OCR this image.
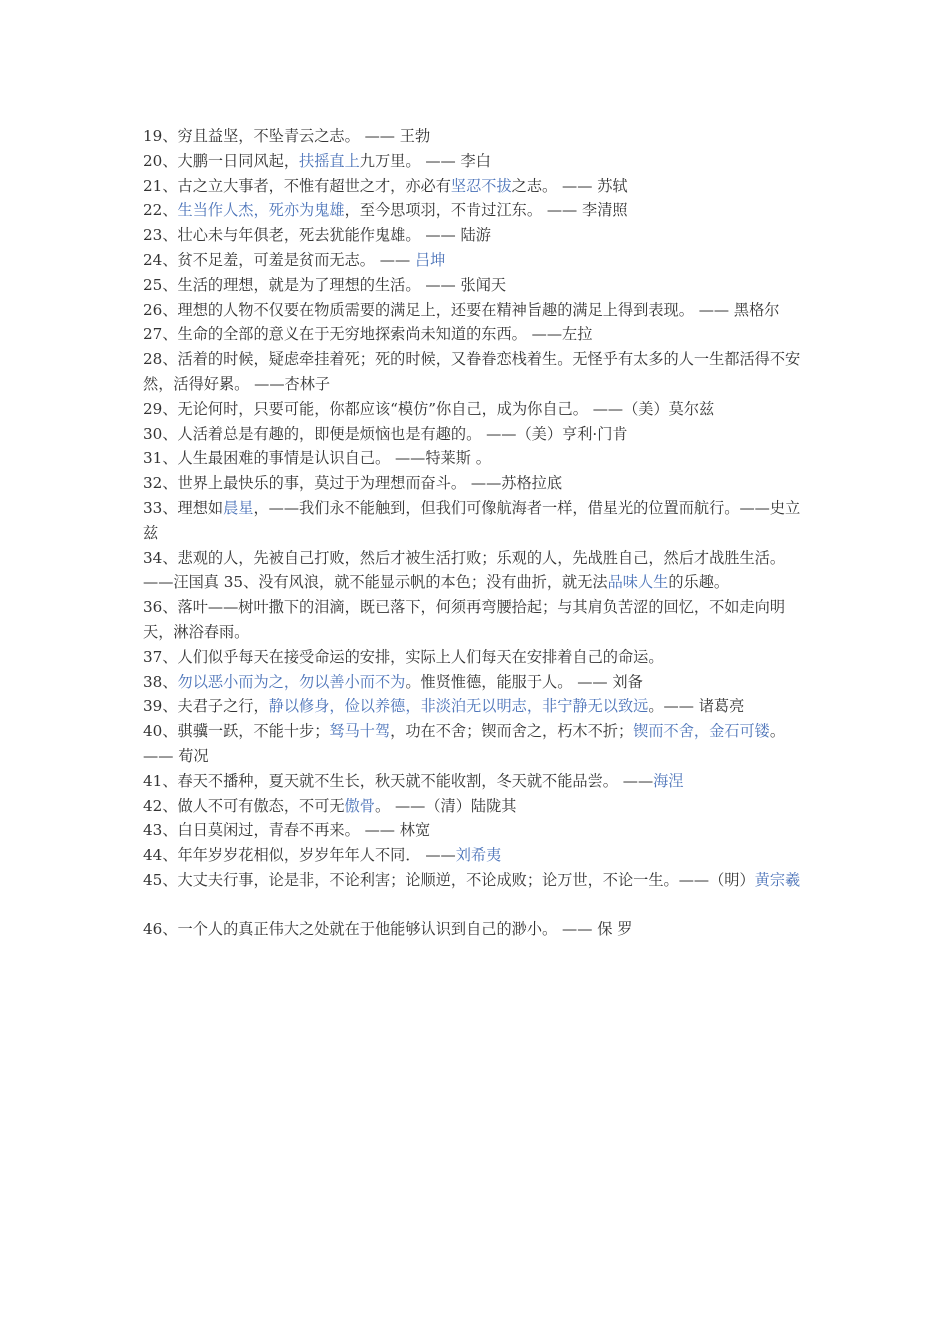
19、穷且益坚，不坠青云之志。 —— 王勃
20、大鹏一日同风起，扶摇直上九万里。 —— 李白
21、古之立大事者，不惟有超世之才，亦必有坚忍不拔之志。 —— 苏轼
22、生当作人杰，死亦为鬼雄，至今思项羽，不肯过江东。 —— 李清照
23、壮心未与年俱老，死去犹能作鬼雄。 —— 陆游
24、贫不足羞，可羞是贫而无志。 —— 吕坤
25、生活的理想，就是为了理想的生活。 —— 张闻天
26、理想的人物不仅要在物质需要的满足上，还要在精神旨趣的满足上得到表现。 —— 黑格尔
27、生命的全部的意义在于无穷地探索尚未知道的东西。 ——左拉
28、活着的时候，疑虑牵挂着死；死的时候，又眷眷恋栈着生。无怪乎有太多的人一生都活得不安然，活得好累。 ——杏林子
29、无论何时，只要可能，你都应该“模仿”你自己，成为你自己。 ——（美）莫尔兹
30、人活着总是有趣的，即便是烦恼也是有趣的。 ——（美）亨利·门肯
31、人生最困难的事情是认识自己。 ——特莱斯 。
32、世界上最快乐的事，莫过于为理想而奋斗。 ——苏格拉底
33、理想如晨星，——我们永不能触到，但我们可像航海者一样，借星光的位置而航行。——史立兹
34、悲观的人，先被自己打败，然后才被生活打败；乐观的人，先战胜自己，然后才战胜生活。——汪国真 35、没有风浪，就不能显示帆的本色；没有曲折，就无法品味人生的乐趣。
36、落叶——树叶撒下的泪滴，既已落下，何须再弯腰拾起；与其肩负苦涩的回忆，不如走向明天，淋浴春雨。
37、人们似乎每天在接受命运的安排，实际上人们每天在安排着自己的命运。
38、勿以恶小而为之，勿以善小而不为。惟贤惟德，能服于人。 —— 刘备
39、夫君子之行，静以修身，俭以养德，非淡泊无以明志，非宁静无以致远。—— 诸葛亮
40、骐骥一跃，不能十步；驽马十驾，功在不舍；锲而舍之，朽木不折；锲而不舍，金石可镂。—— 荀况
41、春天不播种，夏天就不生长，秋天就不能收割，冬天就不能品尝。 ——海涅
42、做人不可有傲态，不可无傲骨。 ——（清）陆陇其
43、白日莫闲过，青春不再来。 —— 林宽
44、年年岁岁花相似，岁岁年年人不同． ——刘希夷
45、大丈夫行事，论是非，不论利害；论顺逆，不论成败；论万世，不论一生。——（明）黄宗羲
46、一个人的真正伟大之处就在于他能够认识到自己的渺小。 —— 保 罗
